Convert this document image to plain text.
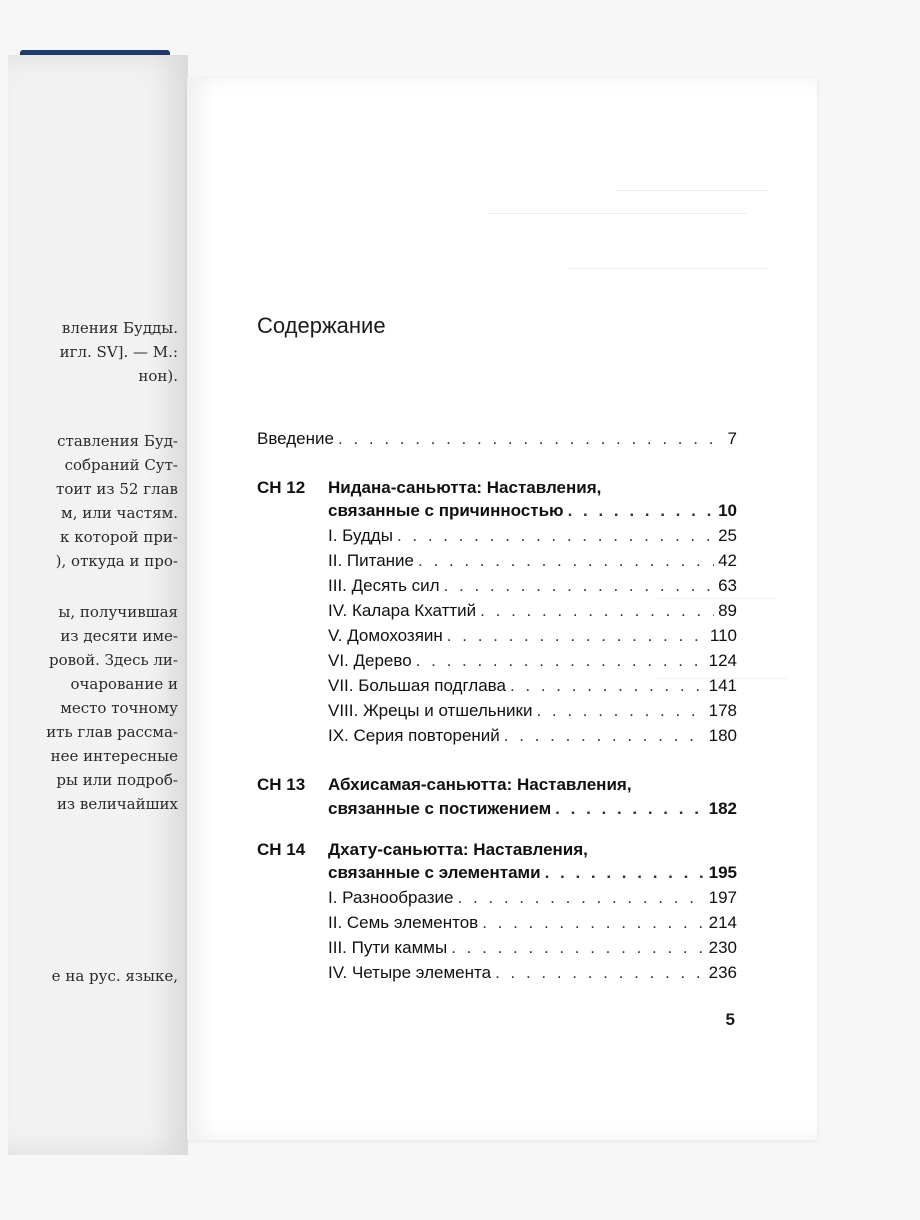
вления Будды.
игл. SV]. — М.:
нон).
ставления Буд-
собраний Сут-
тоит из 52 глав
м, или частям.
к которой при-
), откуда и про-
ы, получившая
из десяти име-
ровой. Здесь ли-
очарование и
место точному
ить глав рассма-
нее интересные
ры или подроб-
из величайших
е на рус. языке,
Содержание
Введение . . .	7
СН 12 Нидана-саньютта: Наставления,
связанные с причинностью . . .	10
I. Будды . . .	25
II. Питание . . .	42
III. Десять сил . . .	63
IV. Калара Кхаттий . . .	89
V. Домохозяин . . .	110
VI. Дерево . . .	124
VII. Большая подглава . . .	141
VIII. Жрецы и отшельники . . .	178
IX. Серия повторений . . .	180
СН 13 Абхисамая-саньютта: Наставления,
связанные с постижением . . .	182
СН 14 Дхату-саньютта: Наставления,
связанные с элементами . . .	195
I. Разнообразие . . .	197
II. Семь элементов . . .	214
III. Пути каммы . . .	230
IV. Четыре элемента . . .	236
5
